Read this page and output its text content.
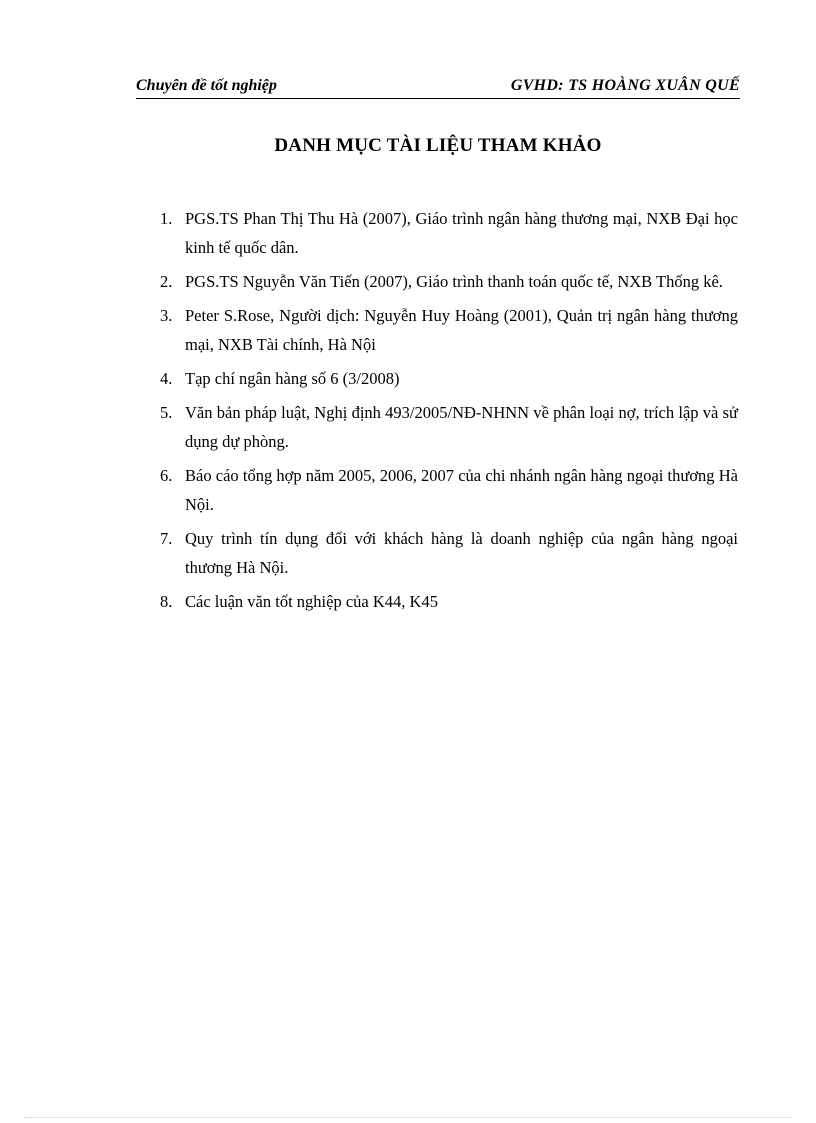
Chuyên đề tốt nghiệp	GVHD: TS HOÀNG XUÂN QUẾ
DANH MỤC TÀI LIỆU THAM KHẢO
1. PGS.TS Phan Thị Thu Hà (2007), Giáo trình ngân hàng thương mại, NXB Đại học kinh tế quốc dân.
2. PGS.TS Nguyễn Văn Tiến (2007), Giáo trình thanh toán quốc tế, NXB Thống kê.
3. Peter S.Rose, Người dịch: Nguyễn Huy Hoàng (2001), Quản trị ngân hàng thương mại, NXB Tài chính, Hà Nội
4. Tạp chí ngân hàng số 6 (3/2008)
5. Văn bản pháp luật, Nghị định 493/2005/NĐ-NHNN về phân loại nợ, trích lập và sử dụng dự phòng.
6. Báo cáo tổng hợp năm 2005, 2006, 2007 của chi nhánh ngân hàng ngoại thương Hà Nội.
7. Quy trình tín dụng đối với khách hàng là doanh nghiệp của ngân hàng ngoại thương Hà Nội.
8. Các luận văn tốt nghiệp của K44, K45
